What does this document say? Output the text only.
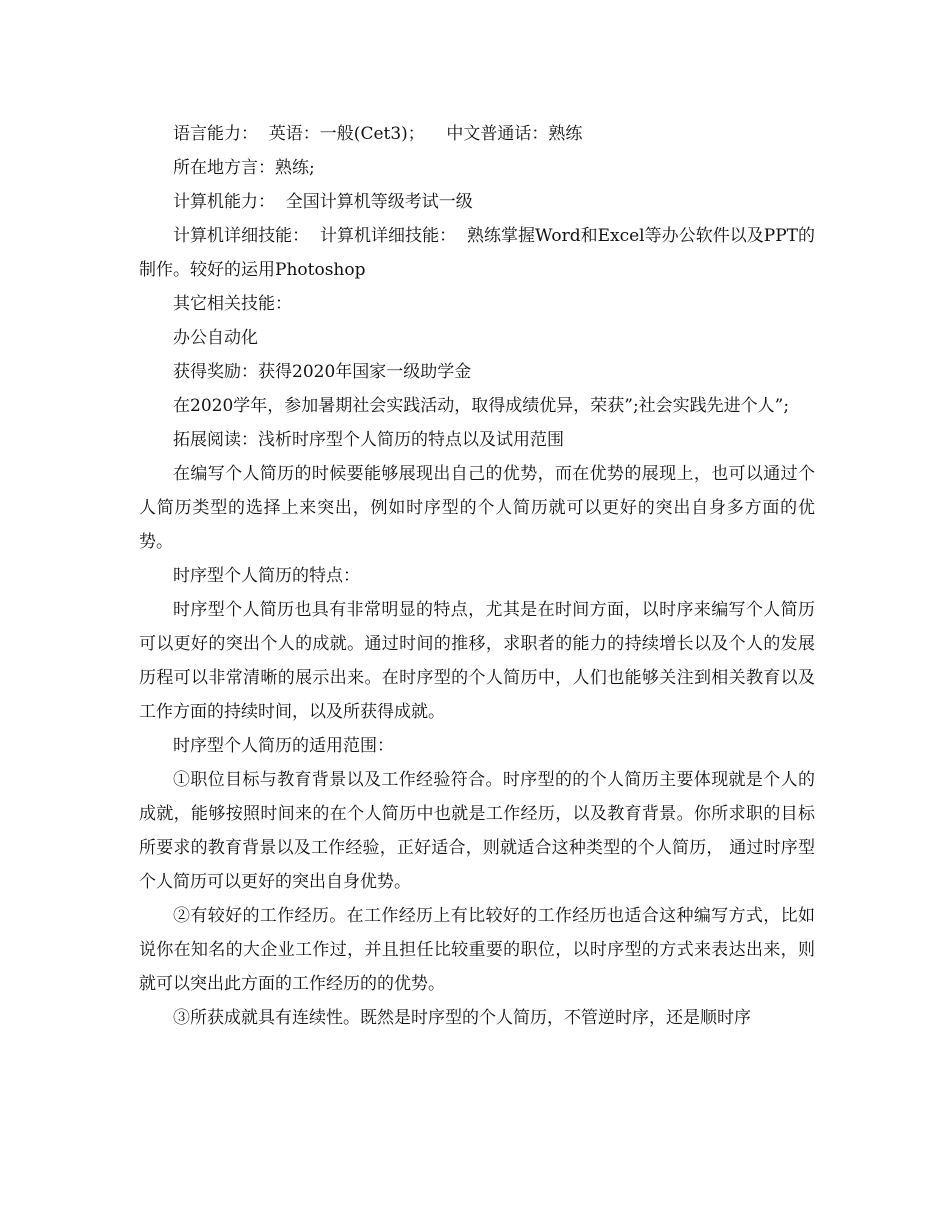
语言能力：  英语：一般(Cet3)；    中文普通话：熟练

所在地方言：熟练;

计算机能力：  全国计算机等级考试一级

计算机详细技能：  计算机详细技能：  熟练掌握Word和Excel等办公软件以及PPT的制作。较好的运用Photoshop

其它相关技能：

办公自动化

获得奖励：获得2020年国家一级助学金

在2020学年，参加暑期社会实践活动，取得成绩优异，荣获”;社会实践先进个人”;

拓展阅读：浅析时序型个人简历的特点以及试用范围

在编写个人简历的时候要能够展现出自己的优势，而在优势的展现上，也可以通过个人简历类型的选择上来突出，例如时序型的个人简历就可以更好的突出自身多方面的优势。

时序型个人简历的特点：

时序型个人简历也具有非常明显的特点，尤其是在时间方面，以时序来编写个人简历可以更好的突出个人的成就。通过时间的推移，求职者的能力的持续增长以及个人的发展历程可以非常清晰的展示出来。在时序型的个人简历中，人们也能够关注到相关教育以及工作方面的持续时间，以及所获得成就。

时序型个人简历的适用范围：

①职位目标与教育背景以及工作经验符合。时序型的的个人简历主要体现就是个人的成就，能够按照时间来的在个人简历中也就是工作经历，以及教育背景。你所求职的目标所要求的教育背景以及工作经验，正好适合，则就适合这种类型的个人简历， 通过时序型个人简历可以更好的突出自身优势。

②有较好的工作经历。在工作经历上有比较好的工作经历也适合这种编写方式，比如说你在知名的大企业工作过，并且担任比较重要的职位，以时序型的方式来表达出来，则就可以突出此方面的工作经历的的优势。

③所获成就具有连续性。既然是时序型的个人简历，不管逆时序，还是顺时序
